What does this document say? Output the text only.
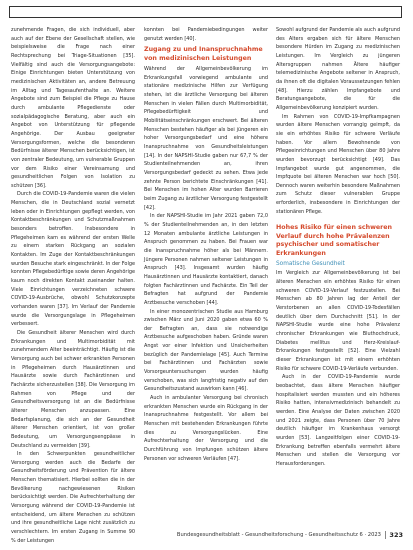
zunehmende Fragen, die sich individuell, aber auch auf der Ebene der Gesellschaft stellen, wie beispielsweise die Frage nach einer Rechtsprechung bei Triage-Situationen [35]. Vielfältig sind auch die Versorgungsangebote: Einige Einrichtungen bieten Unterstützung von medizinischen Aktivitäten an, andere Betreuung im Alltag und Tagesaufenthalte an. Weitere Angebote sind zum Beispiel die Pflege zu Hause durch ambulante Pflegedienste oder sozialpädagogische Beratung, aber auch ein Angebot von Unterstützung für pflegende Angehörige. Der Ausbau geeigneter Versorgungsformen, welche die besonderen Bedürfnisse älterer Menschen berücksichtigen, ist von zentraler Bedeutung, um vulnerable Gruppen vor dem Risiko einer Vereinsamung und gesundheitlichen Folgen von Isolation zu schützen [36].

Durch die COVID-19-Pandemie waren die vielen Menschen, die in Deutschland sozial vernetzt leben oder in Einrichtungen gepflegt werden, von Kontaktbeschränkungen und Schutzmaßnahmen besonders betroffen. Insbesondere in Pflegeheimen kam es während der ersten Welle zu einem starken Rückgang an sozialen Kontakten. Im Zuge der Kontaktbeschränkungen wurden Besuche stark eingeschränkt. In der Folge konnten Pflegebedürftige sowie deren Angehörige kaum noch direkten Kontakt zueinander halten. Viele Einrichtungen verzeichneten schwere COVID-19-Ausbrüche, obwohl Schutzkonzepte vorhanden waren [37]. Im Verlauf der Pandemie wurde die Versorgungslage in Pflegeheimen verbessert.

Die Gesundheit älterer Menschen wird durch Erkrankungen und Multimorbidität mit zunehmendem Alter beeinträchtigt. Häufig ist die Versorgung auch bei schwer erkrankten Personen in Pflegeheimen durch Hausärztinnen und Hausärzte sowie durch Fachärztinnen und Fachärzte sicherzustellen [38]. Die Versorgung im Rahmen von Pflege und der Gesundheitsversorgung ist an die Bedürfnisse älterer Menschen anzupassen. Eine Bedarfsplanung, die sich an der Gesundheit älterer Menschen orientiert, ist von großer Bedeutung, um Versorgungsengpässe in Deutschland zu vermeiden [39].

In den Schwerpunkten gesundheitlicher Versorgung werden auch die Bedarfe der Gesundheitsförderung und Prävention für ältere Menschen thematisiert. Hierbei sollten die in der Bevölkerung nachgewiesenen Risiken berücksichtigt werden. Die Aufrechterhaltung der Versorgung während der COVID-19-Pandemie ist entscheidend, um ältere Menschen zu schützen und ihre gesundheitliche Lage nicht zusätzlich zu verschlechtern. Im ersten Zugang in Summe 90 % der Leistungen

konnten bei Pandemiebedingungen weiter genutzt werden [40].

Zugang zu und Inanspruchnahme von medizinischen Leistungen

Während der Allgemeinbevölkerung im Erkrankungsfall vorwiegend ambulante und stationäre medizinische Hilfen zur Verfügung stehen, ist die ärztliche Versorgung bei älteren Menschen in vielen Fällen durch Multimorbidität, Pflegebedürftigkeit und Mobilitätseinschränkungen erschwert. Bei älteren Menschen bestehen häufiger als bei jüngeren ein hoher Versorgungsbedarf und eine höhere Inanspruchnahme von Gesundheitsleistungen [14]. In der NAPSHI-Studie gaben nur 67,7 % der Studienteilnehmenden an, ihren Versorgungsbedarf gedeckt zu sehen. Etwa jede zehnte Person berichtete Einschränkungen [41]. Bei Menschen im hohen Alter wurden Barrieren beim Zugang zu ärztlicher Versorgung festgestellt [42].

In der NAPSHI-Studie im Jahr 2021 gaben 72,0 % der Studienteilnehmenden an, in den letzten 12 Monaten ambulante ärztliche Leistungen in Anspruch genommen zu haben. Bei Frauen war die Inanspruchnahme höher als bei Männern. Jüngere Personen nahmen seltener Leistungen in Anspruch [43]. Insgesamt wurden häufig Hausärztinnen und Hausärzte kontaktiert, danach folgten Fachärztinnen und Fachärzte. Ein Teil der Befragten hat aufgrund der Pandemie Arztbesuche verschoben [44].

In einer monozentrischen Studie aus Hamburg zwischen März und Juni 2020 gaben etwa 60 % der Befragten an, dass sie notwendige Arztbesuche aufgeschoben haben. Gründe waren Angst vor einer Infektion und Unsicherheiten bezüglich der Pandemielage [45]. Auch Termine bei Fachärztinnen und Fachärzten sowie Vorsorgeuntersuchungen wurden häufig verschoben, was sich langfristig negativ auf den Gesundheitszustand auswirken kann [46].

Auch in ambulanter Versorgung bei chronisch erkrankten Menschen wurde ein Rückgang in der Inanspruchnahme festgestellt. Vor allem bei Menschen mit bestehenden Erkrankungen führte dies zu Versorgungslücken. Eine Aufrechterhaltung der Versorgung und die Durchführung von Impfungen schützen ältere Personen vor schweren Verläufen [47].

Sowohl aufgrund der Pandemie als auch aufgrund des Alters ergaben sich für ältere Menschen besondere Hürden im Zugang zu medizinischen Leistungen. Im Vergleich zu jüngeren Altersgruppen nahmen Ältere häufiger telemedizinische Angebote seltener in Anspruch, da ihnen oft die digitalen Voraussetzungen fehlen [48]. Hierzu zählen Impfangebote und Beratungsangebote, die für die Allgemeinbevölkerung konzipiert wurden.

Im Rahmen von COVID-19-Impfkampagnen wurden ältere Menschen vorrangig geimpft, da sie ein erhöhtes Risiko für schwere Verläufe haben. Vor allem Bewohnende von Pflegeeinrichtungen und Menschen über 80 Jahre wurden bevorzugt berücksichtigt [49]. Das Impfangebot wurde gut angenommen, die Impfquote bei älteren Menschen war hoch [50]. Dennoch waren weiterhin besondere Maßnahmen zum Schutz dieser vulnerablen Gruppe erforderlich, insbesondere in Einrichtungen der stationären Pflege.

Hohes Risiko für einen schweren Verlauf durch hohe Prävalenzen psychischer und somatischer Erkrankungen
Somatische Gesundheit

Im Vergleich zur Allgemeinbevölkerung ist bei älteren Menschen ein erhöhtes Risiko für einen schweren COVID-19-Verlauf festzustellen. Bei Menschen ab 80 Jahren lag der Anteil der Verstorbenen an allen COVID-19-Todesfällen deutlich über dem Durchschnitt [51]. In der NAPSHI-Studie wurde eine hohe Prävalenz chronischer Erkrankungen wie Bluthochdruck, Diabetes mellitus und Herz-Kreislauf-Erkrankungen festgestellt [52]. Eine Vielzahl dieser Erkrankungen ist mit einem erhöhten Risiko für schwere COVID-19-Verläufe verbunden.

Auch in der COVID-19-Pandemie wurde beobachtet, dass ältere Menschen häufiger hospitalisiert werden mussten und ein höheres Risiko hatten, intensivmedizinisch behandelt zu werden. Eine Analyse der Daten zwischen 2020 und 2021 zeigte, dass Personen über 70 Jahre deutlich häufiger im Krankenhaus versorgt wurden [53]. Langzeitfolgen einer COVID-19-Erkrankung betreffen ebenfalls vermehrt ältere Menschen und stellen die Versorgung vor Herausforderungen.

Bundesgesundheitsblatt - Gesundheitsforschung - Gesundheitsschutz 6 · 2023	323
